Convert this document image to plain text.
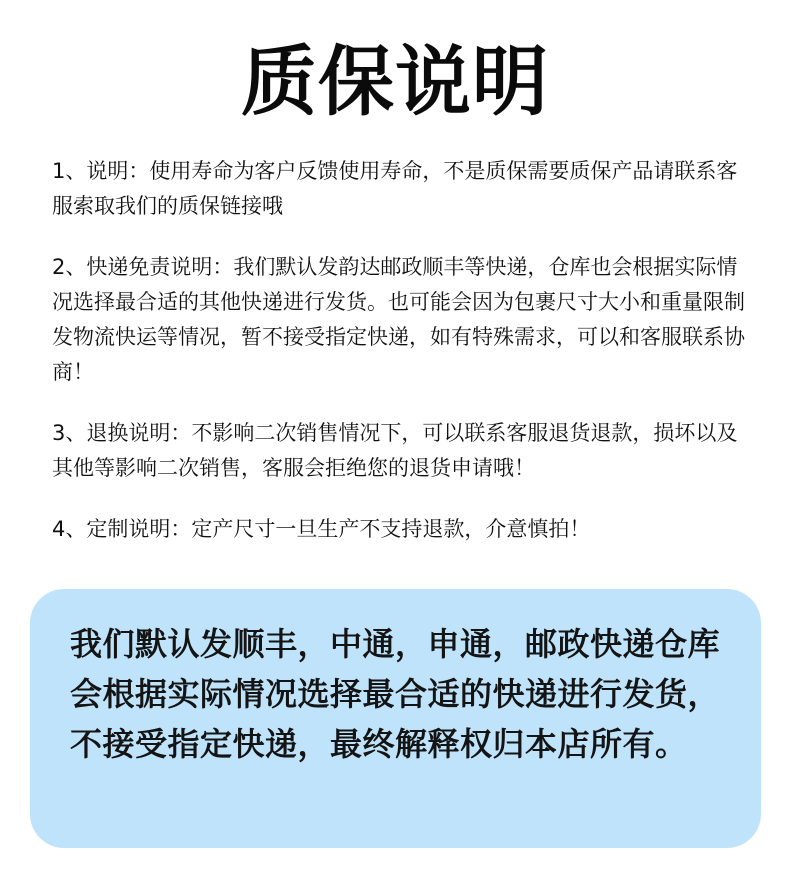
质保说明

1、说明：使用寿命为客户反馈使用寿命，不是质保需要质保产品请联系客服索取我们的质保链接哦

2、快递免责说明：我们默认发韵达邮政顺丰等快递，仓库也会根据实际情况选择最合适的其他快递进行发货。也可能会因为包裹尺寸大小和重量限制发物流快运等情况，暂不接受指定快递，如有特殊需求，可以和客服联系协商！

3、退换说明：不影响二次销售情况下，可以联系客服退货退款，损坏以及其他等影响二次销售，客服会拒绝您的退货申请哦！

4、定制说明：定产尺寸一旦生产不支持退款，介意慎拍！

我们默认发顺丰，中通，申通，邮政快递仓库会根据实际情况选择最合适的快递进行发货，不接受指定快递，最终解释权归本店所有。
